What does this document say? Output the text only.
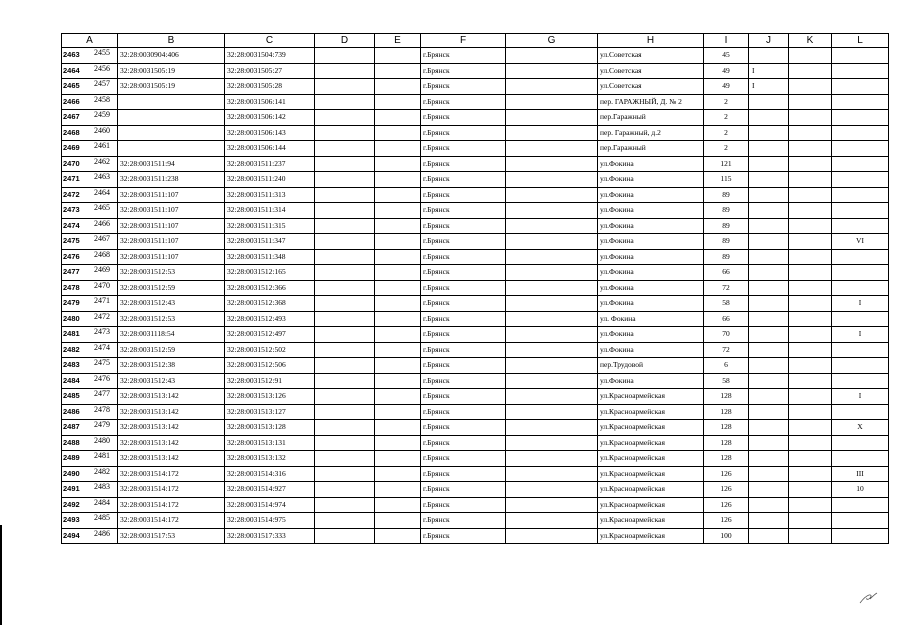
A	B	C	D	E	F	G	H	I	J	K	L
2463 2455	32:28:0030904:406	32:28:0031504:739			г.Брянск		ул.Советская	45			
2464 2456	32:28:0031505:19	32:28:0031505:27			г.Брянск		ул.Советская	49	I		
2465 2457	32:28:0031505:19	32:28:0031505:28			г.Брянск		ул.Советская	49	I		
2466 2458		32:28:0031506:141			г.Брянск		пер. ГАРАЖНЫЙ, Д. № 2	2			
2467 2459		32:28:0031506:142			г.Брянск		пер.Гаражный	2			
2468 2460		32:28:0031506:143			г.Брянск		пер. Гаражный, д.2	2			
2469 2461		32:28:0031506:144			г.Брянск		пер.Гаражный	2			
2470 2462	32:28:0031511:94	32:28:0031511:237			г.Брянск		ул.Фокина	121			
2471 2463	32:28:0031511:238	32:28:0031511:240			г.Брянск		ул.Фокина	115			
2472 2464	32:28:0031511:107	32:28:0031511:313			г.Брянск		ул.Фокина	89			
2473 2465	32:28:0031511:107	32:28:0031511:314			г.Брянск		ул.Фокина	89			
2474 2466	32:28:0031511:107	32:28:0031511:315			г.Брянск		ул.Фокина	89			
2475 2467	32:28:0031511:107	32:28:0031511:347			г.Брянск		ул.Фокина	89			VI
2476 2468	32:28:0031511:107	32:28:0031511:348			г.Брянск		ул.Фокина	89			
2477 2469	32:28:0031512:53	32:28:0031512:165			г.Брянск		ул.Фокина	66			
2478 2470	32:28:0031512:59	32:28:0031512:366			г.Брянск		ул.Фокина	72			
2479 2471	32:28:0031512:43	32:28:0031512:368			г.Брянск		ул.Фокина	58			I
2480 2472	32:28:0031512:53	32:28:0031512:493			г.Брянск		ул. Фокина	66			
2481 2473	32:28:0031118:54	32:28:0031512:497			г.Брянск		ул.Фокина	70			I
2482 2474	32:28:0031512:59	32:28:0031512:502			г.Брянск		ул.Фокина	72			
2483 2475	32:28:0031512:38	32:28:0031512:506			г.Брянск		пер.Трудовой	6			
2484 2476	32:28:0031512:43	32:28:0031512:91			г.Брянск		ул.Фокина	58			
2485 2477	32:28:0031513:142	32:28:0031513:126			г.Брянск		ул.Красноармейская	128			I
2486 2478	32:28:0031513:142	32:28:0031513:127			г.Брянск		ул.Красноармейская	128			
2487 2479	32:28:0031513:142	32:28:0031513:128			г.Брянск		ул.Красноармейская	128			X
2488 2480	32:28:0031513:142	32:28:0031513:131			г.Брянск		ул.Красноармейская	128			
2489 2481	32:28:0031513:142	32:28:0031513:132			г.Брянск		ул.Красноармейская	128			
2490 2482	32:28:0031514:172	32:28:0031514:316			г.Брянск		ул.Красноармейская	126			III
2491 2483	32:28:0031514:172	32:28:0031514:927			г.Брянск		ул.Красноармейская	126			10
2492 2484	32:28:0031514:172	32:28:0031514:974			г.Брянск		ул.Красноармейская	126			
2493 2485	32:28:0031514:172	32:28:0031514:975			г.Брянск		ул.Красноармейская	126			
2494 2486	32:28:0031517:53	32:28:0031517:333			г.Брянск		ул.Красноармейская	100			
